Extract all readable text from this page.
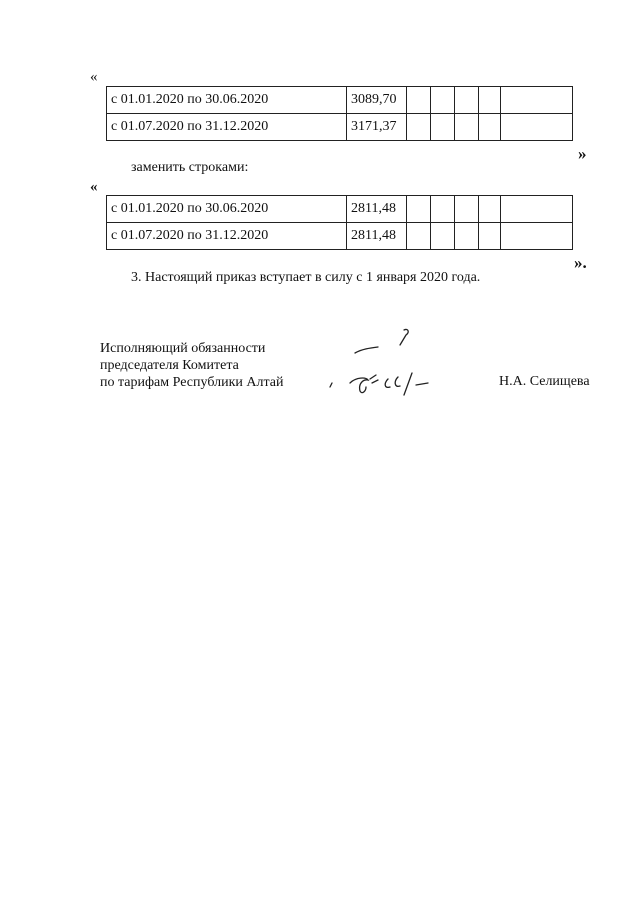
«
с 01.01.2020 по 30.06.2020	3089,70					
с 01.07.2020 по 31.12.2020	3171,37					
»
заменить строками:
«
с 01.01.2020 по 30.06.2020	2811,48					
с 01.07.2020 по 31.12.2020	2811,48					
».
3. Настоящий приказ вступает в силу с 1 января 2020 года.
Исполняющий обязанности
председателя Комитета
по тарифам Республики Алтай	Н.А. Селищева
